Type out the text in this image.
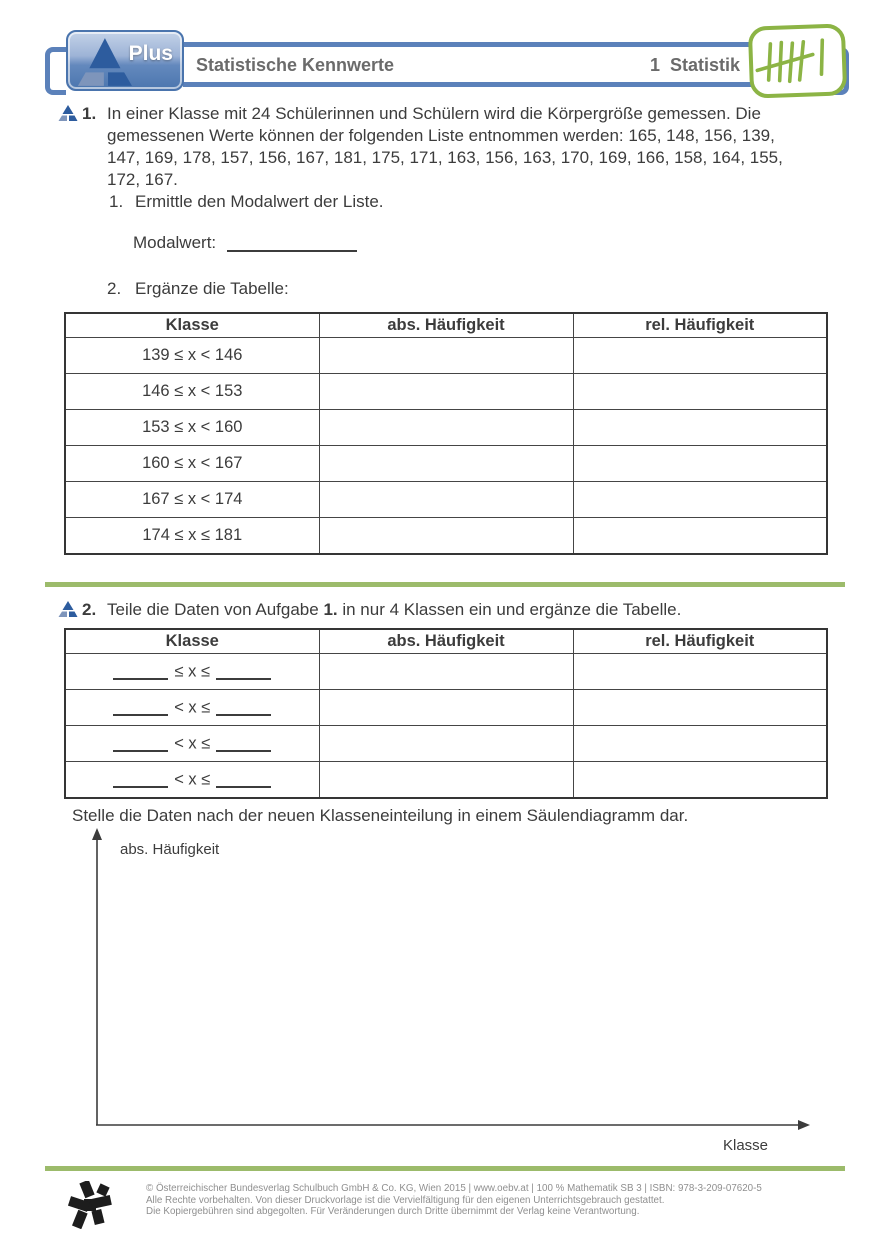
Plus Statistische Kennwerte	1  Statistik
1. In einer Klasse mit 24 Schülerinnen und Schülern wird die Körpergröße gemessen. Die
gemessenen Werte können der folgenden Liste entnommen werden: 165, 148, 156, 139,
147, 169, 178, 157, 156, 167, 181, 175, 171, 163, 156, 163, 170, 169, 166, 158, 164, 155,
172, 167.
1. Ermittle den Modalwert der Liste.
Modalwert:
2. Ergänze die Tabelle:
Klasse	abs. Häufigkeit	rel. Häufigkeit
139 ≤ x < 146		
146 ≤ x < 153		
153 ≤ x < 160		
160 ≤ x < 167		
167 ≤ x < 174		
174 ≤ x ≤ 181		
2. Teile die Daten von Aufgabe 1. in nur 4 Klassen ein und ergänze die Tabelle.
Klasse	abs. Häufigkeit	rel. Häufigkeit
≤ x ≤		
< x ≤		
< x ≤		
< x ≤		
Stelle die Daten nach der neuen Klasseneinteilung in einem Säulendiagramm dar.
abs. Häufigkeit
Klasse
© Österreichischer Bundesverlag Schulbuch GmbH & Co. KG, Wien 2015 | www.oebv.at | 100 % Mathematik SB 3 | ISBN: 978-3-209-07620-5
Alle Rechte vorbehalten. Von dieser Druckvorlage ist die Vervielfältigung für den eigenen Unterrichtsgebrauch gestattet.
Die Kopiergebühren sind abgegolten. Für Veränderungen durch Dritte übernimmt der Verlag keine Verantwortung.
